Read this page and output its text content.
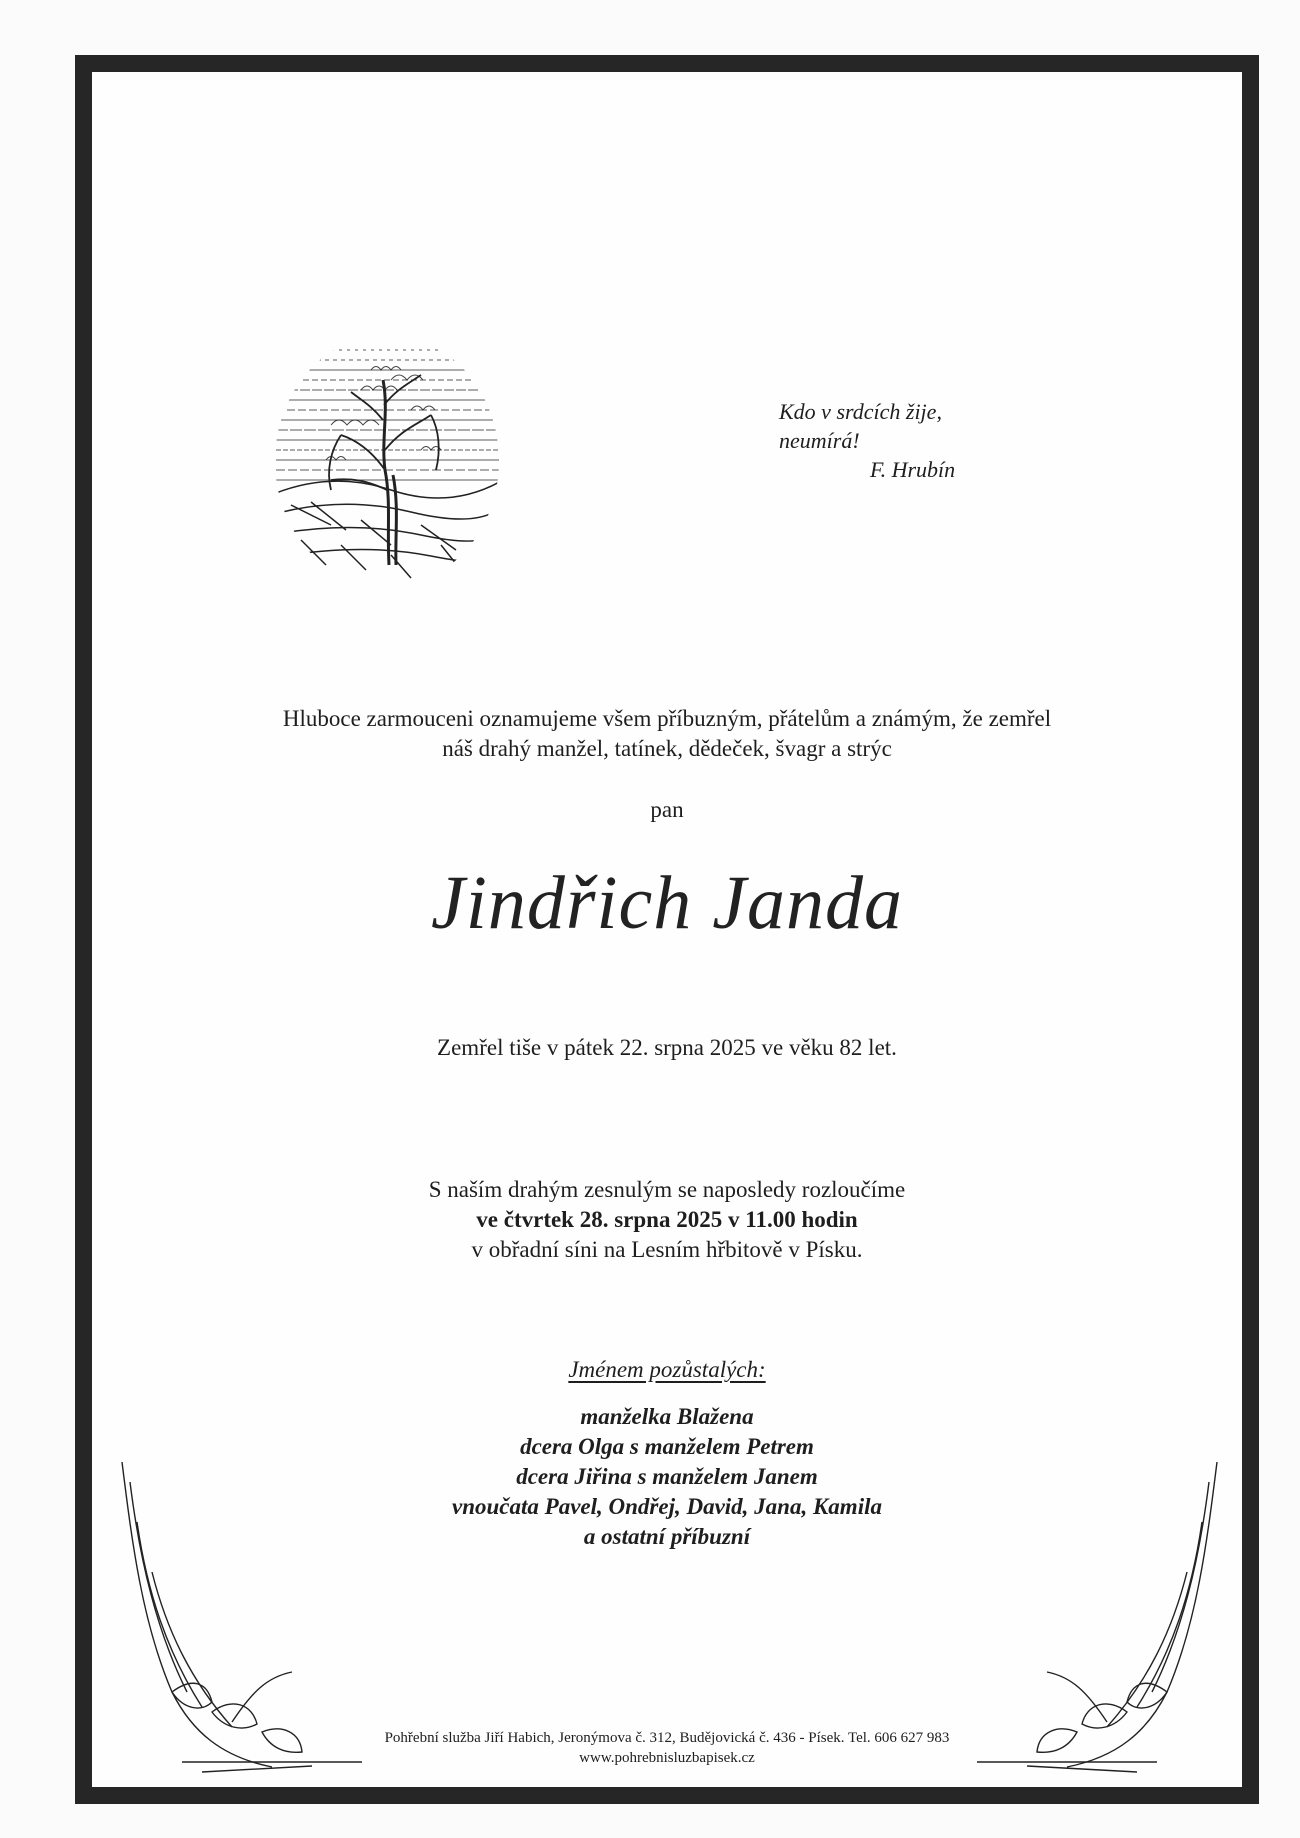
Kdo v srdcích žije,
neumírá!
F. Hrubín
Hluboce zarmouceni oznamujeme všem příbuzným, přátelům a známým, že zemřel
náš drahý manžel, tatínek, dědeček, švagr a strýc
pan
Jindřich Janda
Zemřel tiše v pátek 22. srpna 2025 ve věku 82 let.
S naším drahým zesnulým se naposledy rozloučíme
ve čtvrtek 28. srpna 2025 v 11.00 hodin
v obřadní síni na Lesním hřbitově v Písku.
Jménem pozůstalých:
manželka Blažena
dcera Olga s manželem Petrem
dcera Jiřina s manželem Janem
vnoučata Pavel, Ondřej, David, Jana, Kamila
a ostatní příbuzní
Pohřební služba Jiří Habich, Jeronýmova č. 312, Budějovická č. 436 - Písek. Tel. 606 627 983
www.pohrebnisluzbapisek.cz
